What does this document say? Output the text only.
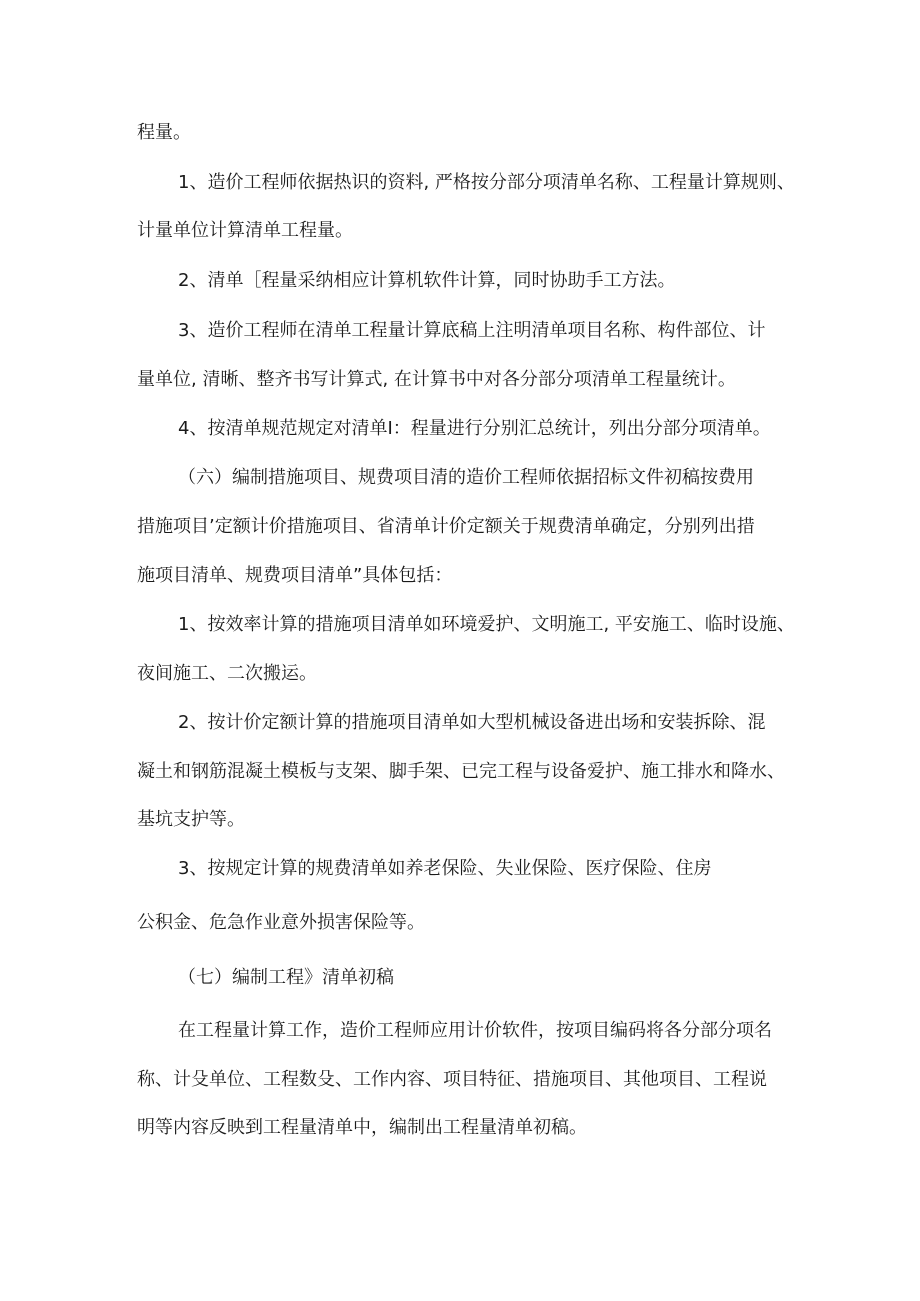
程量。

1、造价工程师依据热识的资料, 严格按分部分项清单名称、工程量计算规则、

计量单位计算清单工程量。

2、清单［程量采纳相应计算机软件计算，同时协助手工方法。

3、造价工程师在清单工程量计算底稿上注明清单项目名称、构件部位、计

量单位, 清晰、整齐书写计算式, 在计算书中对各分部分项清单工程量统计。

4、按清单规范规定对清单I：程量进行分别汇总统计，列出分部分项清单。

（六）编制措施项目、规费项目清的造价工程师依据招标文件初稿按费用

措施项目’定额计价措施项目、省清单计价定额关于规费清单确定，分别列出措

施项目清单、规费项目清单”具体包括：

1、按效率计算的措施项目清单如环境爱护、文明施工, 平安施工、临时设施、

夜间施工、二次搬运。

2、按计价定额计算的措施项目清单如大型机械设备进出场和安装拆除、混

凝土和钢筋混凝土模板与支架、脚手架、已完工程与设备爱护、施工排水和降水、

基坑支护等。

3、按规定计算的规费清单如养老保险、失业保险、医疗保险、住房

公积金、危急作业意外损害保险等。

（七）编制工程》清单初稿

在工程量计算工作，造价工程师应用计价软件，按项目编码将各分部分项名

称、计殳单位、工程数殳、工作内容、项目特征、措施项目、其他项目、工程说

明等内容反映到工程量清单中，编制出工程量清单初稿。
